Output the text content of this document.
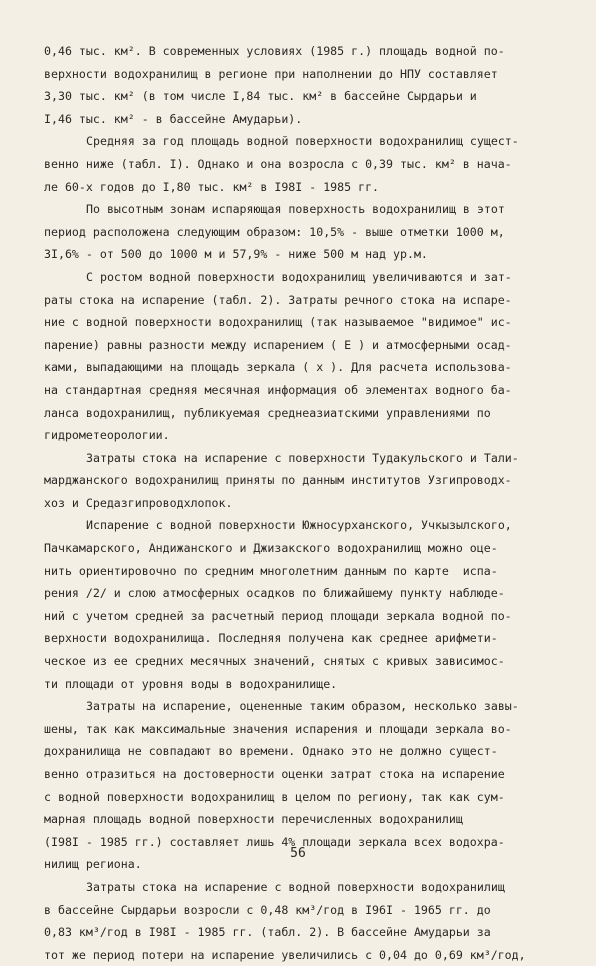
0,46 тыс. км². В современных условиях (1985 г.) площадь водной по-
верхности водохранилищ в регионе при наполнении до НПУ составляет
3,30 тыс. км² (в том числе I,84 тыс. км² в бассейне Сырдарьи и
I,46 тыс. км² - в бассейне Амударьи).
Средняя за год площадь водной поверхности водохранилищ сущест-
венно ниже (табл. I). Однако и она возросла с 0,39 тыс. км² в нача-
ле 60-х годов до I,80 тыс. км² в I98I - 1985 гг.
По высотным зонам испаряющая поверхность водохранилищ в этот
период расположена следующим образом: 10,5% - выше отметки 1000 м,
3I,6% - от 500 до 1000 м и 57,9% - ниже 500 м над ур.м.
С ростом водной поверхности водохранилищ увеличиваются и зат-
раты стока на испарение (табл. 2). Затраты речного стока на испаре-
ние с водной поверхности водохранилищ (так называемое "видимое" ис-
парение) равны разности между испарением ( E ) и атмосферными осад-
ками, выпадающими на площадь зеркала ( x ). Для расчета использова-
на стандартная средняя месячная информация об элементах водного ба-
ланса водохранилищ, публикуемая среднеазиатскими управлениями по
гидрометеорологии.
Затраты стока на испарение с поверхности Тудакульского и Тали-
марджанского водохранилищ приняты по данным институтов Узгипроводх-
хоз и Средазгипроводхлопок.
Испарение с водной поверхности Южносурханского, Учкызылского,
Пачкамарского, Андижанского и Джизакского водохранилищ можно оце-
нить ориентировочно по средним многолетним данным по карте  испа-
рения /2/ и слою атмосферных осадков по ближайшему пункту наблюде-
ний с учетом средней за расчетный период площади зеркала водной по-
верхности водохранилища. Последняя получена как среднее арифмети-
ческое из ее средних месячных значений, снятых с кривых зависимос-
ти площади от уровня воды в водохранилище.
Затраты на испарение, оцененные таким образом, несколько завы-
шены, так как максимальные значения испарения и площади зеркала во-
дохранилища не совпадают во времени. Однако это не должно сущест-
венно отразиться на достоверности оценки затрат стока на испарение
с водной поверхности водохранилищ в целом по региону, так как сум-
марная площадь водной поверхности перечисленных водохранилищ
(I98I - 1985 гг.) составляет лишь 4% площади зеркала всех водохра-
нилищ региона.
Затраты стока на испарение с водной поверхности водохранилищ
в бассейне Сырдарьи возросли с 0,48 км³/год в I96I - 1965 гг. до
0,83 км³/год в I98I - 1985 гг. (табл. 2). В бассейне Амударьи за
тот же период потери на испарение увеличились с 0,04 до 0,69 км³/год,
56
